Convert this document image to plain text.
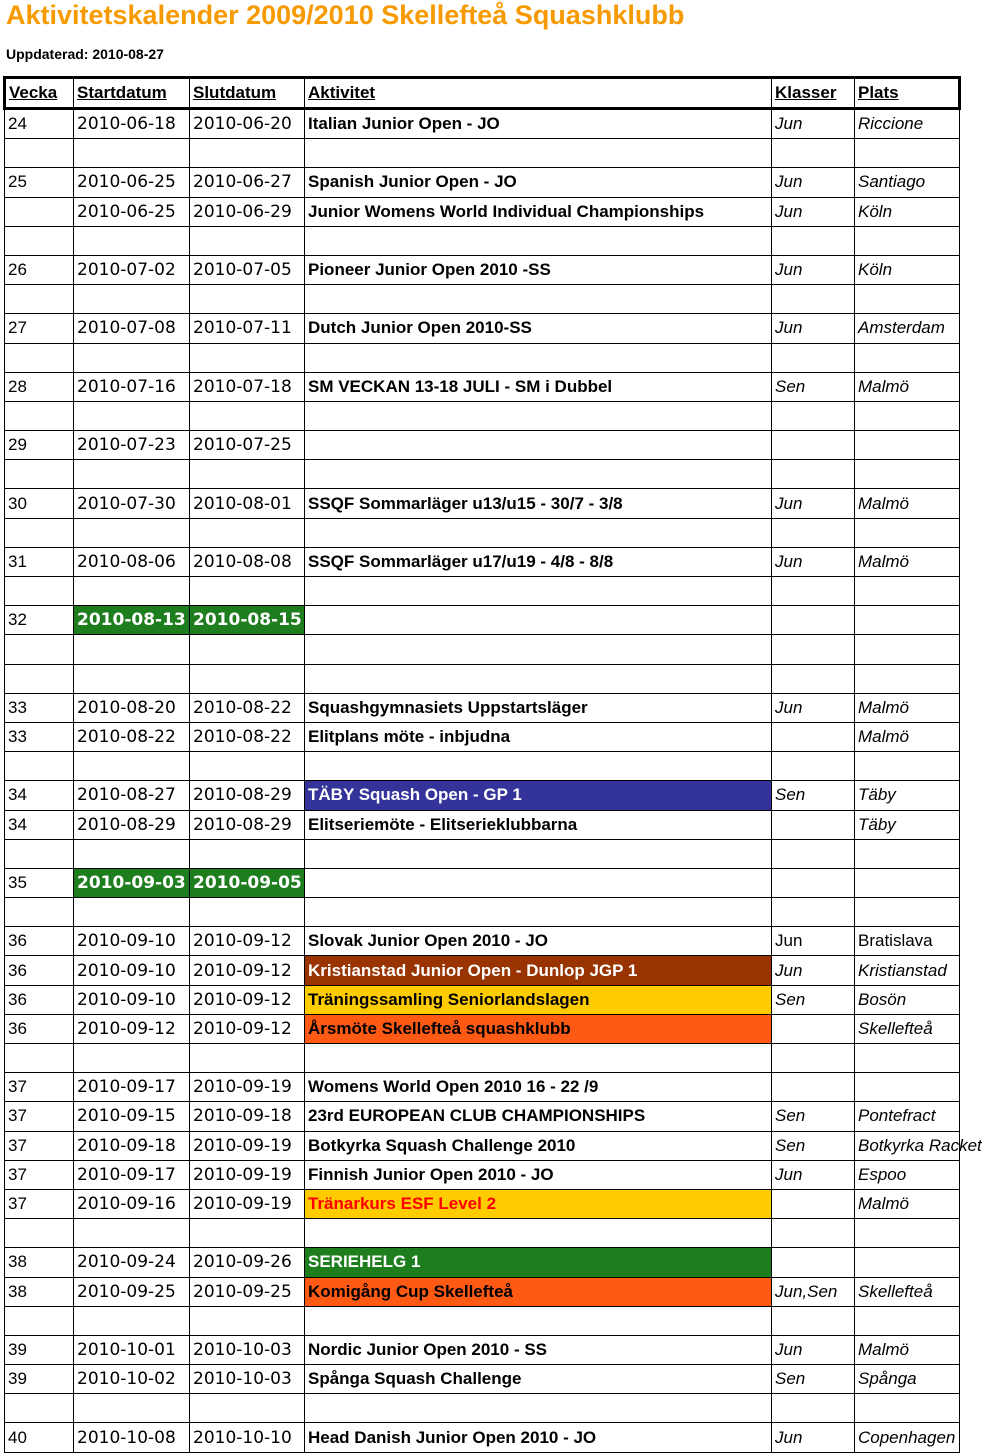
Aktivitetskalender 2009/2010 Skellefteå Squashklubb
Uppdaterad: 2010-08-27
Vecka	Startdatum	Slutdatum	Aktivitet	Klasser	Plats
24	2010-06-18	2010-06-20	Italian Junior Open - JO	Jun	Riccione

25	2010-06-25	2010-06-27	Spanish Junior Open - JO	Jun	Santiago
	2010-06-25	2010-06-29	Junior Womens World Individual Championships	Jun	Köln

26	2010-07-02	2010-07-05	Pioneer Junior Open 2010 -SS	Jun	Köln

27	2010-07-08	2010-07-11	Dutch Junior Open 2010-SS	Jun	Amsterdam

28	2010-07-16	2010-07-18	SM VECKAN 13-18 JULI - SM i Dubbel	Sen	Malmö

29	2010-07-23	2010-07-25			

30	2010-07-30	2010-08-01	SSQF Sommarläger u13/u15 - 30/7 - 3/8	Jun	Malmö

31	2010-08-06	2010-08-08	SSQF Sommarläger u17/u19 - 4/8 - 8/8	Jun	Malmö

32	2010-08-13	2010-08-15			

33	2010-08-20	2010-08-22	Squashgymnasiets Uppstartsläger	Jun	Malmö
33	2010-08-22	2010-08-22	Elitplans möte - inbjudna		Malmö

34	2010-08-27	2010-08-29	TÄBY Squash Open - GP 1	Sen	Täby
34	2010-08-29	2010-08-29	Elitseriemöte - Elitserieklubbarna		Täby

35	2010-09-03	2010-09-05			

36	2010-09-10	2010-09-12	Slovak Junior Open 2010 - JO	Jun	Bratislava
36	2010-09-10	2010-09-12	Kristianstad Junior Open - Dunlop JGP 1	Jun	Kristianstad
36	2010-09-10	2010-09-12	Träningssamling Seniorlandslagen	Sen	Bosön
36	2010-09-12	2010-09-12	Årsmöte Skellefteå squashklubb		Skellefteå

37	2010-09-17	2010-09-19	Womens World Open 2010 16 - 22 /9		
37	2010-09-15	2010-09-18	23rd EUROPEAN CLUB CHAMPIONSHIPS	Sen	Pontefract
37	2010-09-18	2010-09-19	Botkyrka Squash Challenge 2010	Sen	Botkyrka Racket
37	2010-09-17	2010-09-19	Finnish Junior Open 2010 - JO	Jun	Espoo
37	2010-09-16	2010-09-19	Tränarkurs ESF Level 2		Malmö

38	2010-09-24	2010-09-26	SERIEHELG 1		
38	2010-09-25	2010-09-25	Komigång Cup Skellefteå	Jun,Sen	Skellefteå

39	2010-10-01	2010-10-03	Nordic Junior Open 2010 - SS	Jun	Malmö
39	2010-10-02	2010-10-03	Spånga Squash Challenge	Sen	Spånga

40	2010-10-08	2010-10-10	Head Danish Junior Open 2010 - JO	Jun	Copenhagen
